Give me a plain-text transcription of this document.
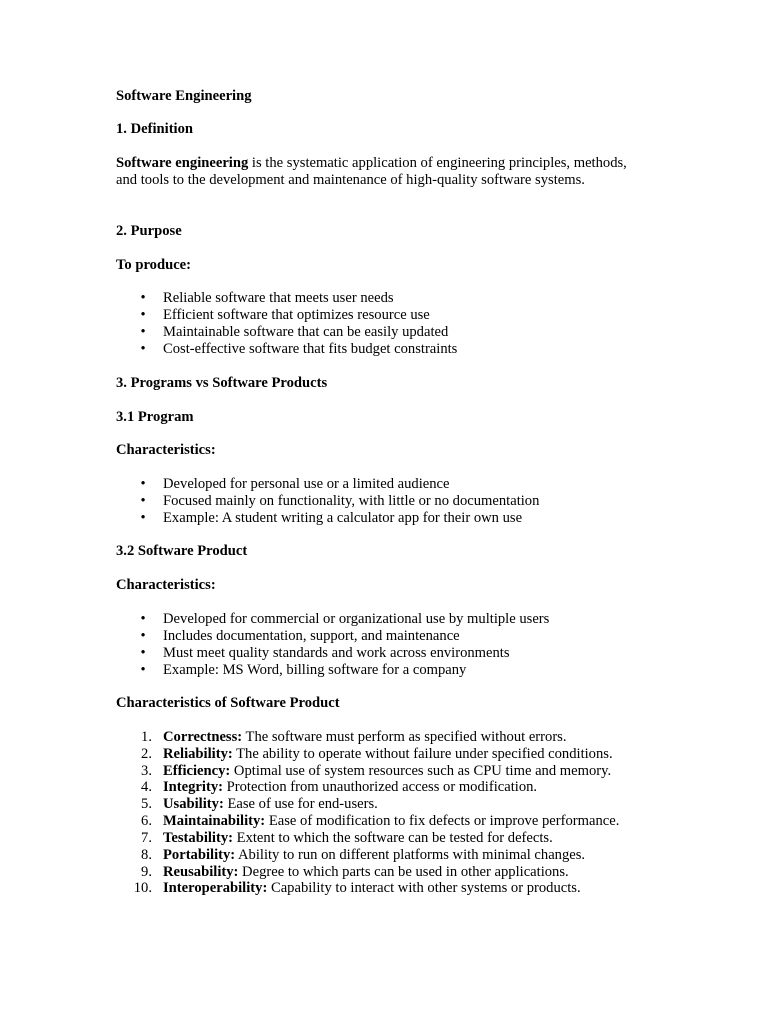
Software Engineering
1. Definition
Software engineering is the systematic application of engineering principles, methods, and tools to the development and maintenance of high-quality software systems.
2. Purpose
To produce:
• Reliable software that meets user needs
• Efficient software that optimizes resource use
• Maintainable software that can be easily updated
• Cost-effective software that fits budget constraints
3. Programs vs Software Products
3.1 Program
Characteristics:
• Developed for personal use or a limited audience
• Focused mainly on functionality, with little or no documentation
• Example: A student writing a calculator app for their own use
3.2 Software Product
Characteristics:
• Developed for commercial or organizational use by multiple users
• Includes documentation, support, and maintenance
• Must meet quality standards and work across environments
• Example: MS Word, billing software for a company
Characteristics of Software Product
1. Correctness: The software must perform as specified without errors.
2. Reliability: The ability to operate without failure under specified conditions.
3. Efficiency: Optimal use of system resources such as CPU time and memory.
4. Integrity: Protection from unauthorized access or modification.
5. Usability: Ease of use for end-users.
6. Maintainability: Ease of modification to fix defects or improve performance.
7. Testability: Extent to which the software can be tested for defects.
8. Portability: Ability to run on different platforms with minimal changes.
9. Reusability: Degree to which parts can be used in other applications.
10. Interoperability: Capability to interact with other systems or products.
